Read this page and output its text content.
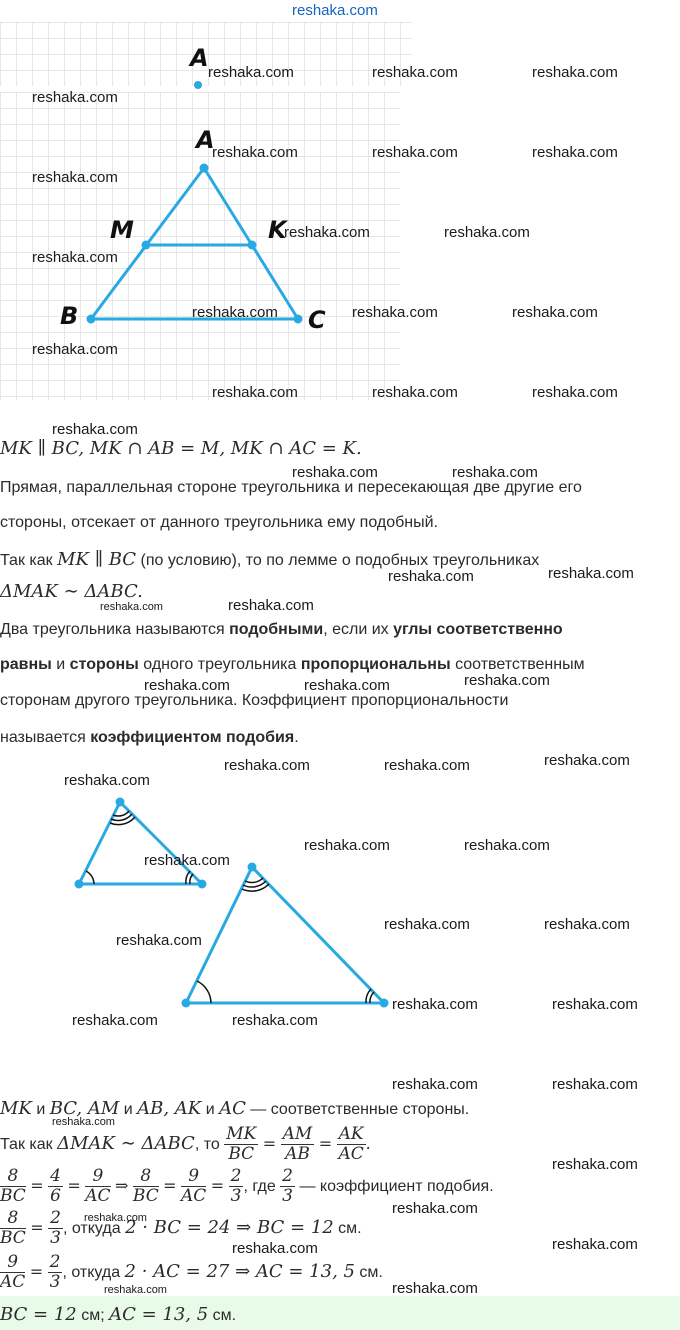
reshaka.com
A
A
M	K
B	C
MK ∥ BC, MK ∩ AB = M, MK ∩ AC = K.
Прямая, параллельная стороне треугольника и пересекающая две другие его
стороны, отсекает от данного треугольника ему подобный.
Так как MK ∥ BC (по условию), то по лемме о подобных треугольниках
ΔMAK ∼ ΔABC.
Два треугольника называются подобными, если их углы соответственно
равны и стороны одного треугольника пропорциональны соответственным
сторонам другого треугольника. Коэффициент пропорциональности
называется коэффициентом подобия.
MK и BC, AM и AB, AK и AC — соответственные стороны.
Так как ΔMAK ∼ ΔABC, то $\frac{MK}{BC} = \frac{AM}{AB} = \frac{AK}{AC}$ .
$\frac{8}{BC} = \frac{4}{6} = \frac{9}{AC}$ ⇒ $\frac{8}{BC} = \frac{9}{AC} = \frac{2}{3}$ , где $\frac{2}{3}$ — коэффициент подобия.
$\frac{8}{BC} = \frac{2}{3}$ , откуда 2 · BC = 24 ⇒ BC = 12 см.
$\frac{9}{AC} = \frac{2}{3}$ , откуда 2 · AC = 27 ⇒ AC = 13, 5 см.
BC = 12 см; AC = 13, 5 см.
reshaka.com	reshaka.com	reshaka.com
reshaka.com
reshaka.com	reshaka.com	reshaka.com
reshaka.com
reshaka.com	reshaka.com
reshaka.com
reshaka.com	reshaka.com	reshaka.com
reshaka.com
reshaka.com	reshaka.com	reshaka.com
reshaka.com
reshaka.com	reshaka.com
reshaka.com	reshaka.com
reshaka.com
reshaka.com	reshaka.com	reshaka.com
reshaka.com	reshaka.com	reshaka.com
reshaka.com
reshaka.com
reshaka.com	reshaka.com
reshaka.com
reshaka.com	reshaka.com
reshaka.com	reshaka.com
reshaka.com	reshaka.com
reshaka.com	reshaka.com
reshaka.com
reshaka.com
reshaka.com	reshaka.com
reshaka.com
reshaka.com
reshaka.com
reshaka.com
reshaka.com
